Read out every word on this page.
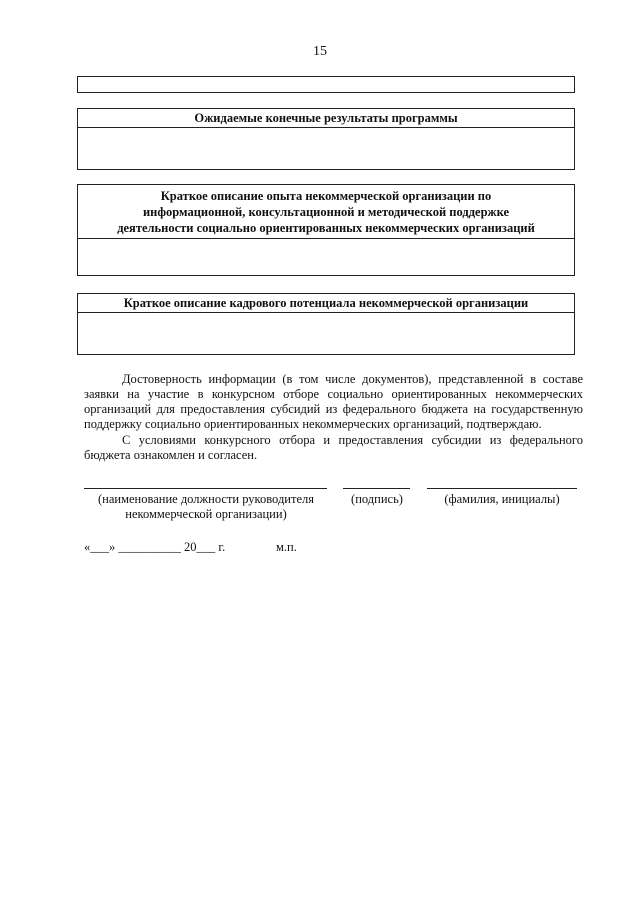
15
Ожидаемые конечные результаты программы
Краткое описание опыта некоммерческой организации по информационной, консультационной и методической поддержке деятельности социально ориентированных некоммерческих организаций
Краткое описание кадрового потенциала некоммерческой организации
Достоверность информации (в том числе документов), представленной в составе заявки на участие в конкурсном отборе социально ориентированных некоммерческих организаций для предоставления субсидий из федерального бюджета на государственную поддержку социально ориентированных некоммерческих организаций, подтверждаю.
С условиями конкурсного отбора и предоставления субсидии из федерального бюджета ознакомлен и согласен.
(наименование должности руководителя некоммерческой организации)
(подпись)	(фамилия, инициалы)
«___» __________ 20___ г.	м.п.
